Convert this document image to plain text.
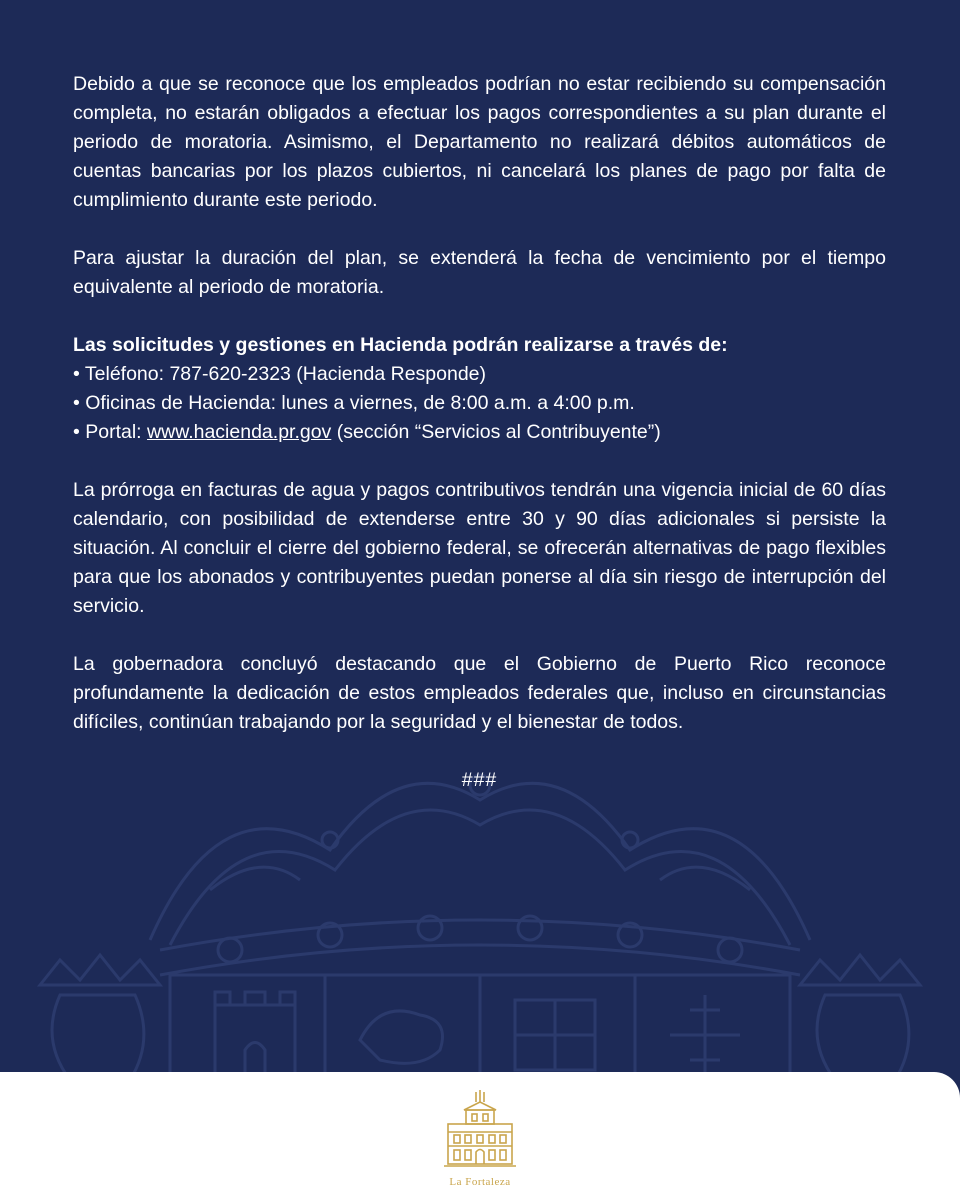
Debido a que se reconoce que los empleados podrían no estar recibiendo su compensación completa, no estarán obligados a efectuar los pagos correspondientes a su plan durante el periodo de moratoria. Asimismo, el Departamento no realizará débitos automáticos de cuentas bancarias por los plazos cubiertos, ni cancelará los planes de pago por falta de cumplimiento durante este periodo.

Para ajustar la duración del plan, se extenderá la fecha de vencimiento por el tiempo equivalente al periodo de moratoria.

Las solicitudes y gestiones en Hacienda podrán realizarse a través de:
• Teléfono: 787-620-2323 (Hacienda Responde)
• Oficinas de Hacienda: lunes a viernes, de 8:00 a.m. a 4:00 p.m.
• Portal: www.hacienda.pr.gov (sección “Servicios al Contribuyente”)

La prórroga en facturas de agua y pagos contributivos tendrán una vigencia inicial de 60 días calendario, con posibilidad de extenderse entre 30 y 90 días adicionales si persiste la situación. Al concluir el cierre del gobierno federal, se ofrecerán alternativas de pago flexibles para que los abonados y contribuyentes puedan ponerse al día sin riesgo de interrupción del servicio.

La gobernadora concluyó destacando que el Gobierno de Puerto Rico reconoce profundamente la dedicación de estos empleados federales que, incluso en circunstancias difíciles, continúan trabajando por la seguridad y el bienestar de todos.

###
La Fortaleza
